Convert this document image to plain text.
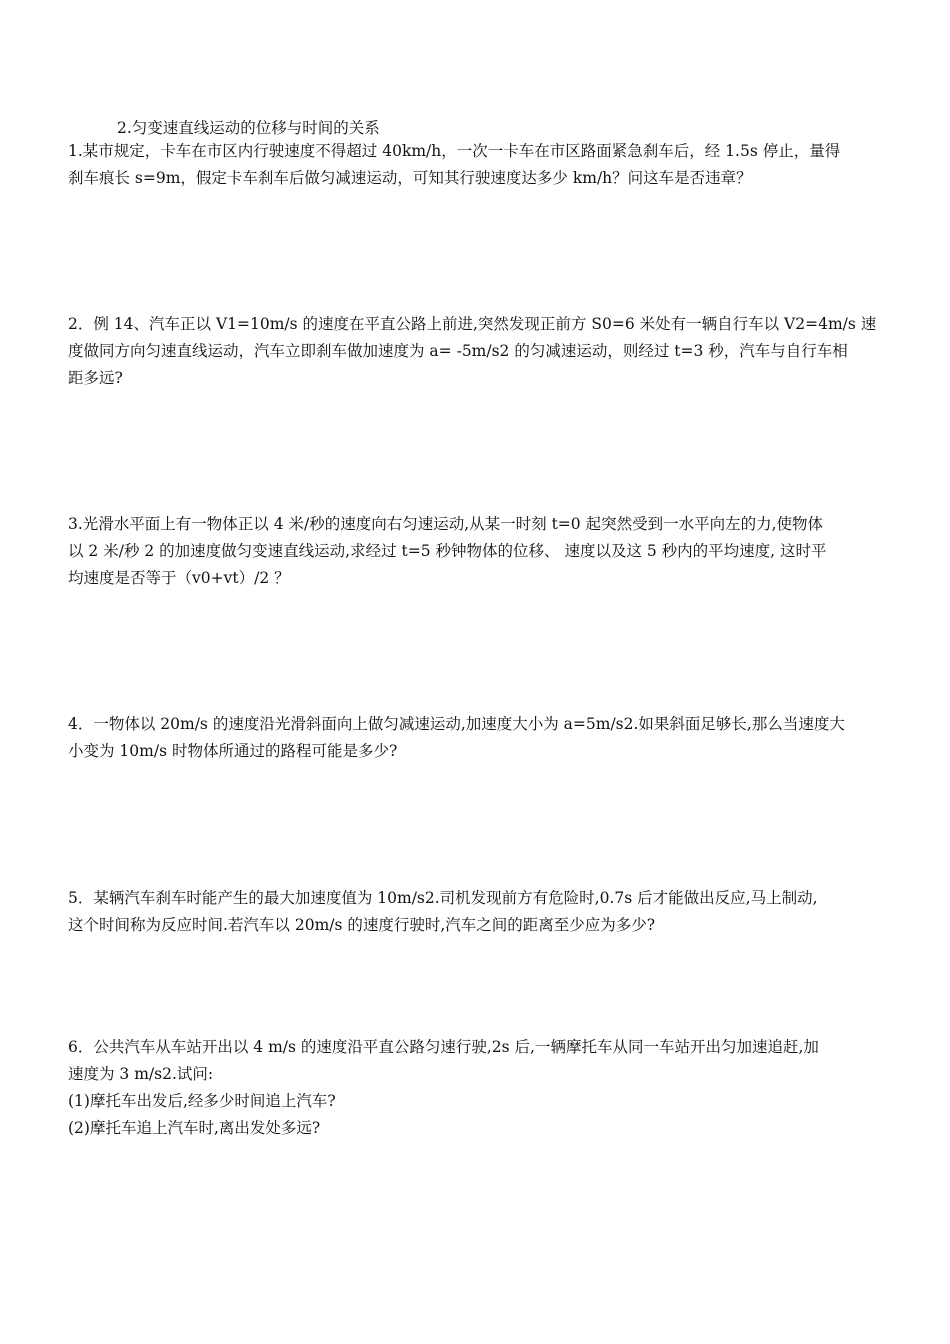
2.匀变速直线运动的位移与时间的关系
1.某市规定，卡车在市区内行驶速度不得超过 40km/h，一次一卡车在市区路面紧急刹车后，经 1.5s 停止，量得
刹车痕长 s=9m，假定卡车刹车后做匀减速运动，可知其行驶速度达多少 km/h？问这车是否违章？
2．例 14、汽车正以 V1=10m/s 的速度在平直公路上前进,突然发现正前方 S0=6 米处有一辆自行车以 V2=4m/s 速
度做同方向匀速直线运动，汽车立即刹车做加速度为 a= -5m/s2 的匀减速运动，则经过 t=3 秒，汽车与自行车相
距多远?
3.光滑水平面上有一物体正以 4 米/秒的速度向右匀速运动,从某一时刻 t=0 起突然受到一水平向左的力,使物体
以 2 米/秒 2 的加速度做匀变速直线运动,求经过 t=5 秒钟物体的位移、 速度以及这 5 秒内的平均速度, 这时平
均速度是否等于（v0+vt）/2 ？
4．一物体以 20m/s 的速度沿光滑斜面向上做匀减速运动,加速度大小为 a=5m/s2.如果斜面足够长,那么当速度大
小变为 10m/s 时物体所通过的路程可能是多少?
5．某辆汽车刹车时能产生的最大加速度值为 10m/s2.司机发现前方有危险时,0.7s 后才能做出反应,马上制动,
这个时间称为反应时间.若汽车以 20m/s 的速度行驶时,汽车之间的距离至少应为多少?
6．公共汽车从车站开出以 4 m/s 的速度沿平直公路匀速行驶,2s 后,一辆摩托车从同一车站开出匀加速追赶,加
速度为 3 m/s2.试问:
(1)摩托车出发后,经多少时间追上汽车?
(2)摩托车追上汽车时,离出发处多远?
